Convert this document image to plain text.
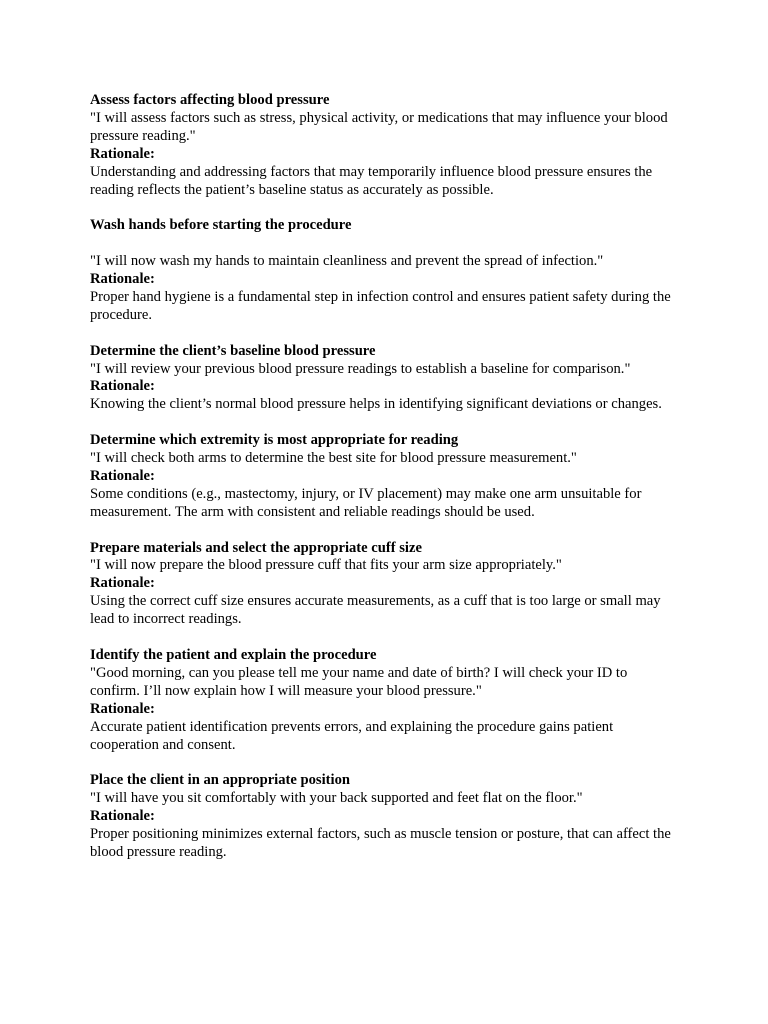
Assess factors affecting blood pressure
"I will assess factors such as stress, physical activity, or medications that may influence your blood pressure reading."
Rationale:
Understanding and addressing factors that may temporarily influence blood pressure ensures the reading reflects the patient’s baseline status as accurately as possible.
Wash hands before starting the procedure
"I will now wash my hands to maintain cleanliness and prevent the spread of infection."
Rationale:
Proper hand hygiene is a fundamental step in infection control and ensures patient safety during the procedure.
Determine the client’s baseline blood pressure
"I will review your previous blood pressure readings to establish a baseline for comparison."
Rationale:
Knowing the client’s normal blood pressure helps in identifying significant deviations or changes.
Determine which extremity is most appropriate for reading
"I will check both arms to determine the best site for blood pressure measurement."
Rationale:
Some conditions (e.g., mastectomy, injury, or IV placement) may make one arm unsuitable for measurement. The arm with consistent and reliable readings should be used.
Prepare materials and select the appropriate cuff size
"I will now prepare the blood pressure cuff that fits your arm size appropriately."
Rationale:
Using the correct cuff size ensures accurate measurements, as a cuff that is too large or small may lead to incorrect readings.
Identify the patient and explain the procedure
"Good morning, can you please tell me your name and date of birth? I will check your ID to confirm. I’ll now explain how I will measure your blood pressure."
Rationale:
Accurate patient identification prevents errors, and explaining the procedure gains patient cooperation and consent.
Place the client in an appropriate position
"I will have you sit comfortably with your back supported and feet flat on the floor."
Rationale:
Proper positioning minimizes external factors, such as muscle tension or posture, that can affect the blood pressure reading.
